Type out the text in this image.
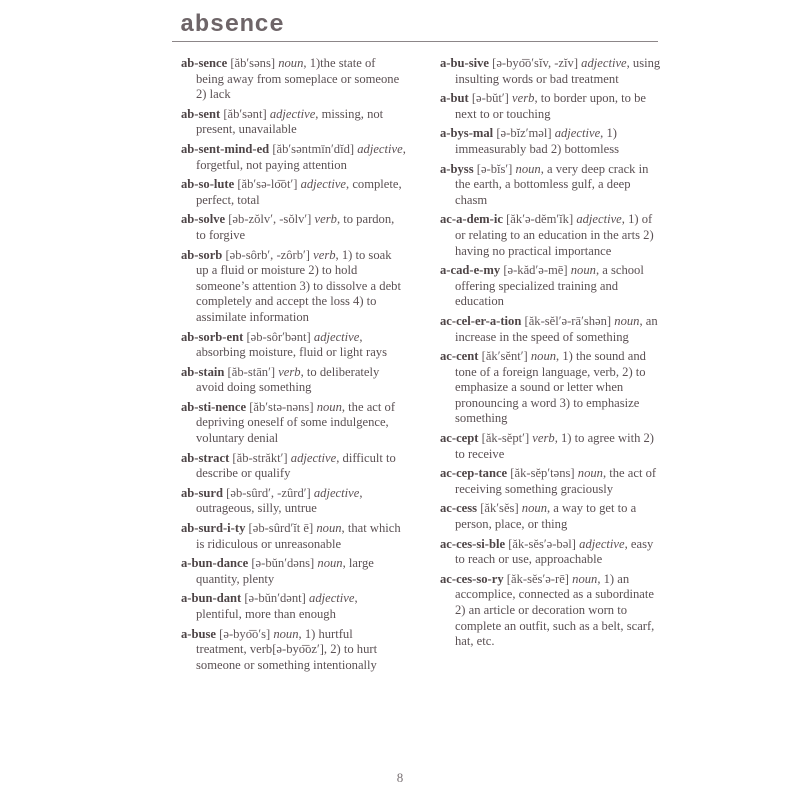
absence
ab-sence [ăb′səns] noun, 1)the state of being away from someplace or someone 2) lack
ab-sent [ăb′sənt] adjective, missing, not present, unavailable
ab-sent-mind-ed [ăb′səntmīn′dĭd] adjective, forgetful, not paying attention
ab-so-lute [ăb′sə-lo͞ot′] adjective, complete, perfect, total
ab-solve [əb-zŏlv′, -sŏlv′] verb, to pardon, to forgive
ab-sorb [əb-sôrb′, -zôrb′] verb, 1) to soak up a fluid or moisture 2) to hold someone’s attention 3) to dissolve a debt completely and accept the loss 4) to assimilate information
ab-sorb-ent [əb-sôr′bənt] adjective, absorbing moisture, fluid or light rays
ab-stain [ăb-stān′] verb, to deliberately avoid doing something
ab-sti-nence [ăb′stə-nəns] noun, the act of depriving oneself of some indulgence, voluntary denial
ab-stract [ăb-străkt′] adjective, difficult to describe or qualify
ab-surd [əb-sûrd′, -zûrd′] adjective, outrageous, silly, untrue
ab-surd-i-ty [əb-sûrd′ĭt ē] noun, that which is ridiculous or unreasonable
a-bun-dance [ə-bŭn′dəns] noun, large quantity, plenty
a-bun-dant [ə-bŭn′dənt] adjective, plentiful, more than enough
a-buse [ə-byo͞o′s] noun, 1) hurtful treatment, verb[ə-byo͞oz′], 2) to hurt someone or something intentionally
a-bu-sive [ə-byo͞o′sĭv, -zĭv] adjective, using insulting words or bad treatment
a-but [ə-bŭt′] verb, to border upon, to be next to or touching
a-bys-mal [ə-bĭz′məl] adjective, 1) immeasurably bad 2) bottomless
a-byss [ə-bĭs′] noun, a very deep crack in the earth, a bottomless gulf, a deep chasm
ac-a-dem-ic [ăk′ə-dĕm′ĭk] adjective, 1) of or relating to an education in the arts 2) having no practical importance
a-cad-e-my [ə-kăd′ə-mē] noun, a school offering specialized training and education
ac-cel-er-a-tion [ăk-sĕl′ə-rā′shən] noun, an increase in the speed of something
ac-cent [ăk′sĕnt′] noun, 1) the sound and tone of a foreign language, verb, 2) to emphasize a sound or letter when pronouncing a word 3) to emphasize something
ac-cept [ăk-sĕpt′] verb, 1) to agree with 2) to receive
ac-cep-tance [ăk-sĕp′təns] noun, the act of receiving something graciously
ac-cess [ăk′sĕs] noun, a way to get to a person, place, or thing
ac-ces-si-ble [ăk-sĕs′ə-bəl] adjective, easy to reach or use, approachable
ac-ces-so-ry [ăk-sĕs′ə-rē] noun, 1) an accomplice, connected as a subordinate 2) an article or decoration worn to complete an outfit, such as a belt, scarf, hat, etc.
8
